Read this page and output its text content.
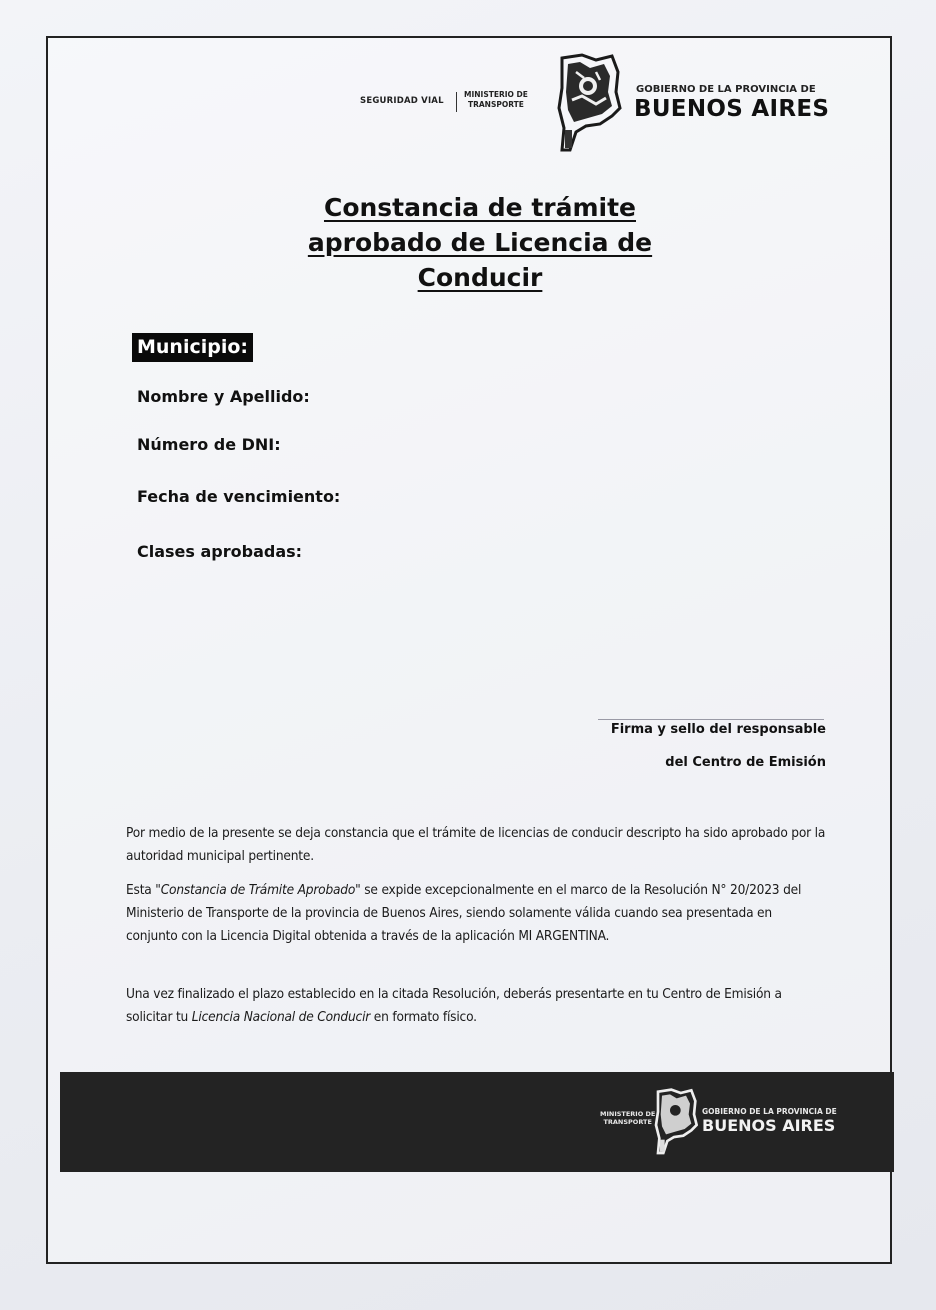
SEGURIDAD VIAL
MINISTERIO DE
TRANSPORTE
GOBIERNO DE LA PROVINCIA DE
BUENOS AIRES
Constancia de trámite
aprobado de Licencia de
Conducir
Municipio:
Nombre y Apellido:
Número de DNI:
Fecha de vencimiento:
Clases aprobadas:
Firma y sello del responsable
del Centro de Emisión

Por medio de la presente se deja constancia que el trámite de licencias de conducir descripto ha sido aprobado por la autoridad municipal pertinente.

Esta "Constancia de Trámite Aprobado" se expide excepcionalmente en el marco de la Resolución N° 20/2023 del Ministerio de Transporte de la provincia de Buenos Aires, siendo solamente válida cuando sea presentada en conjunto con la Licencia Digital obtenida a través de la aplicación MI ARGENTINA.

Una vez finalizado el plazo establecido en la citada Resolución, deberás presentarte en tu Centro de Emisión a solicitar tu Licencia Nacional de Conducir en formato físico.

MINISTERIO DE
TRANSPORTE
GOBIERNO DE LA PROVINCIA DE
BUENOS AIRES
